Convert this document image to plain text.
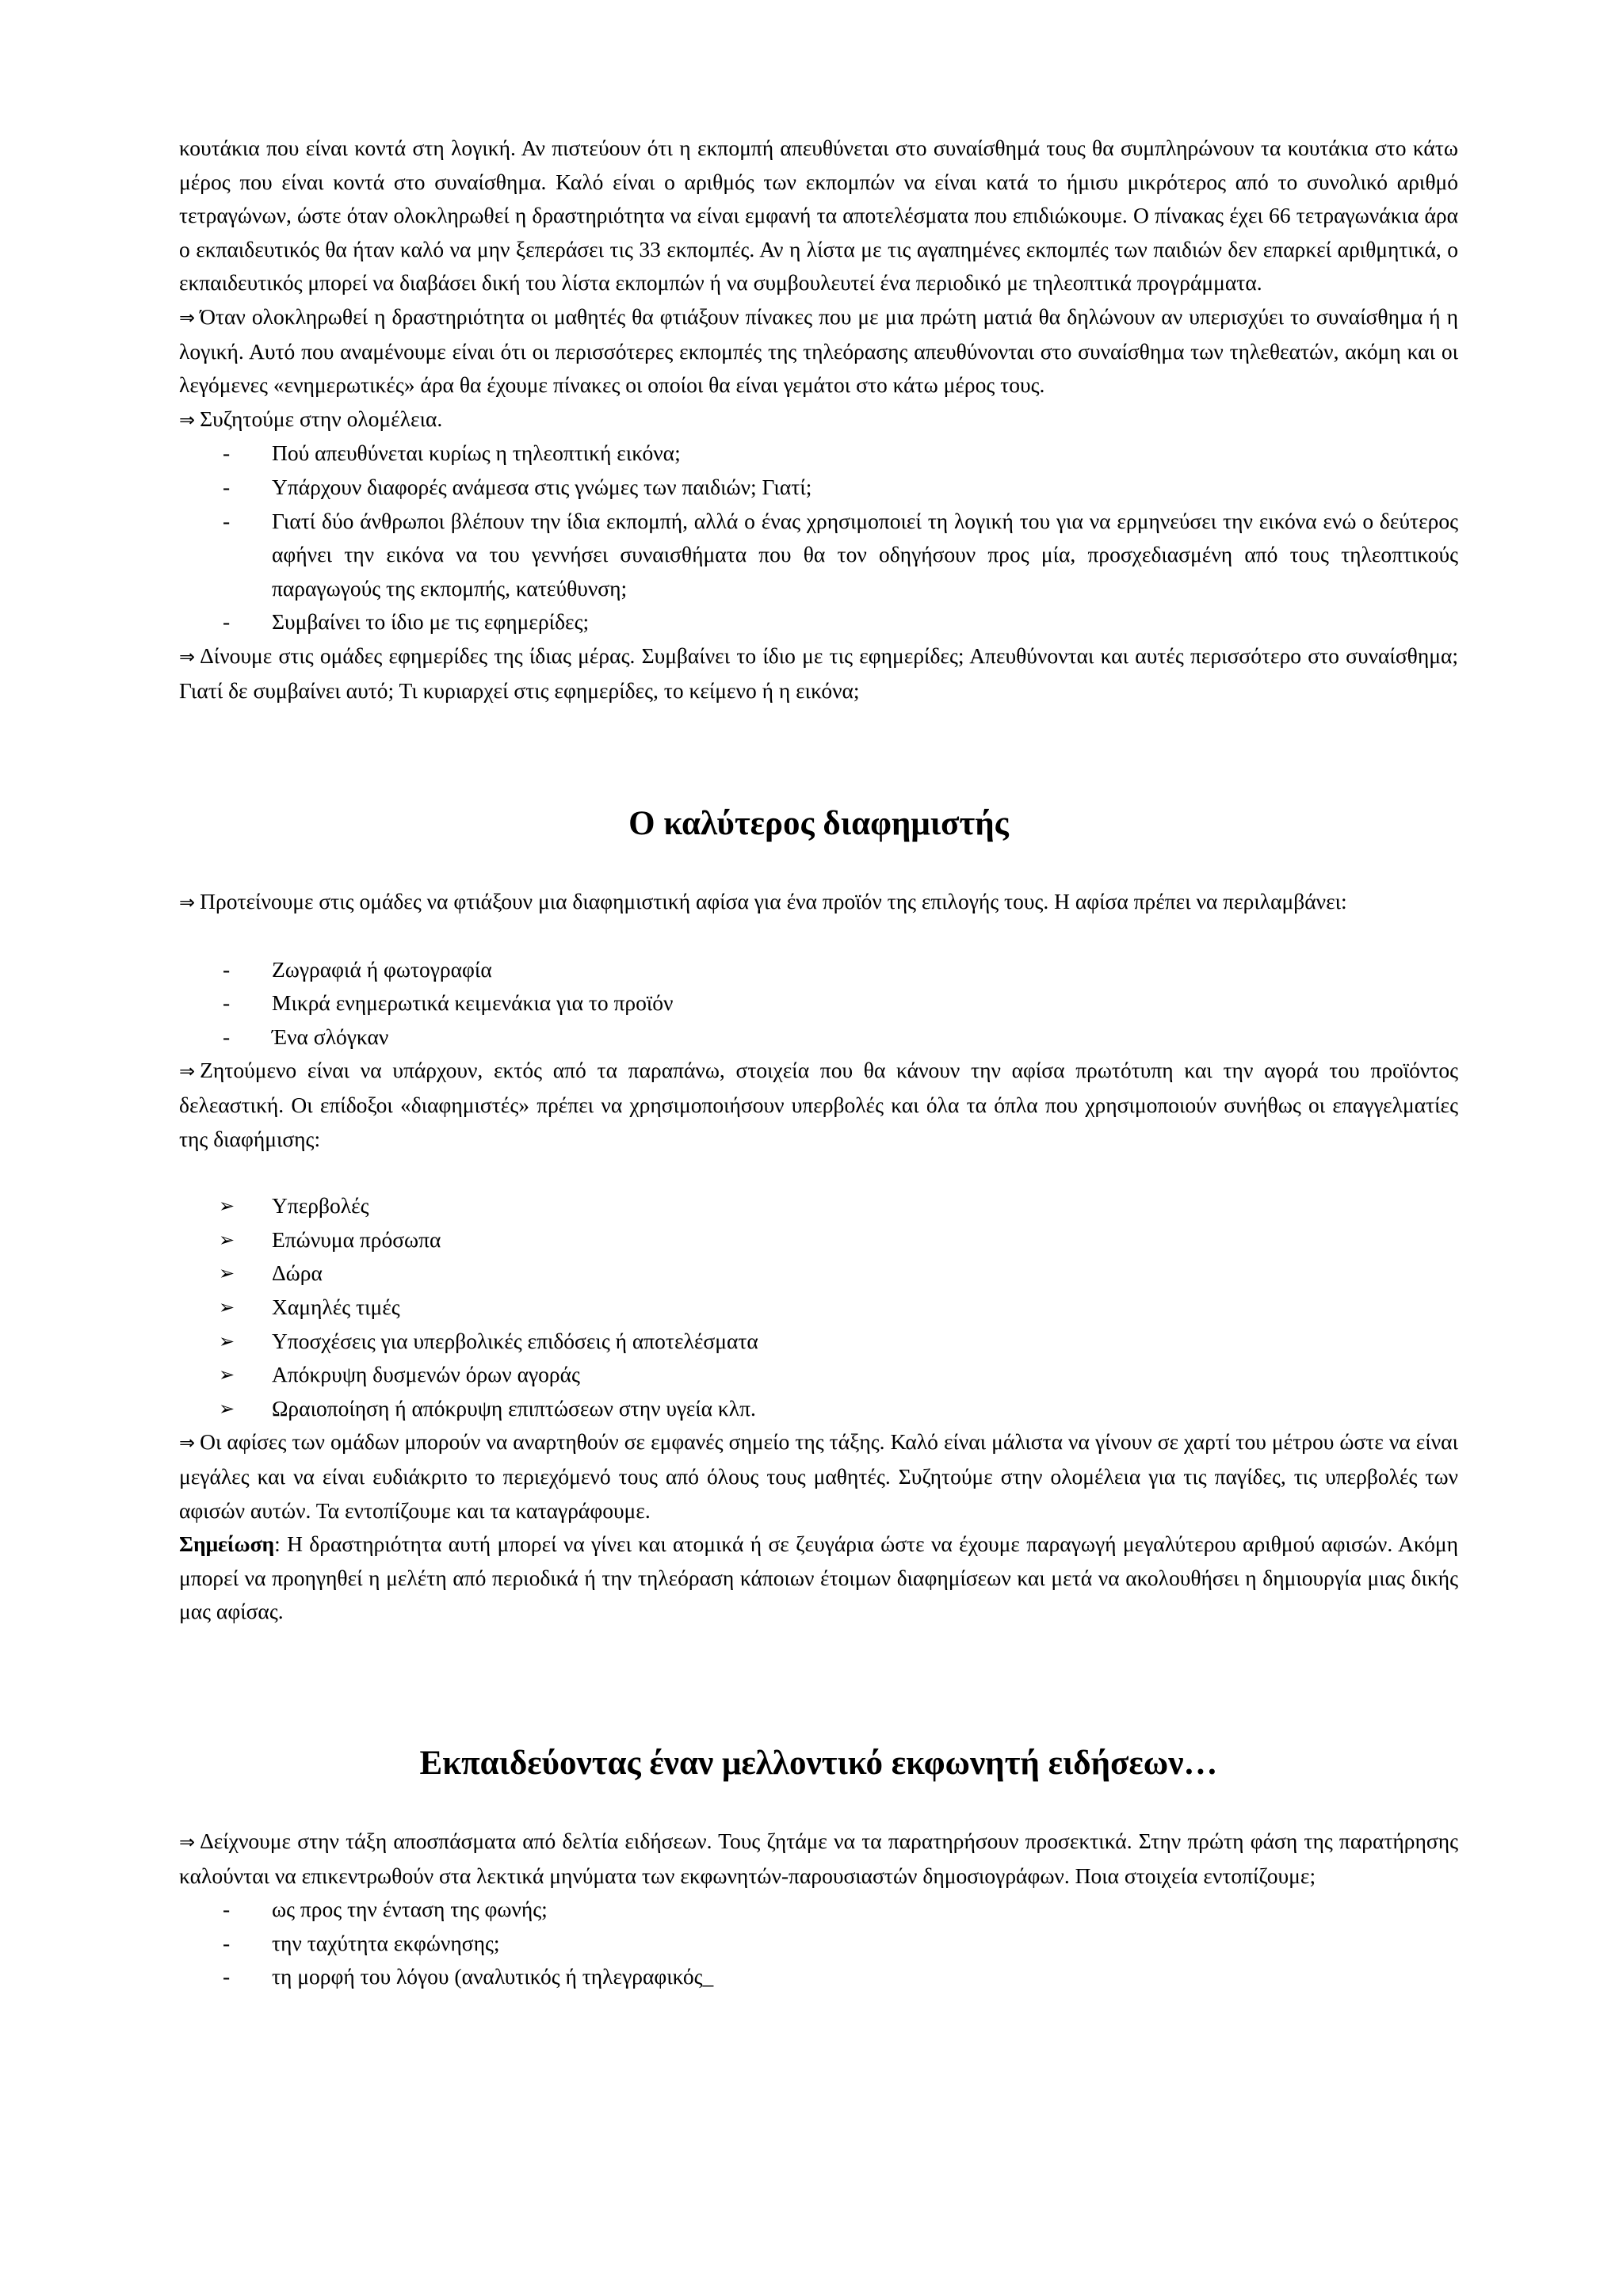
κουτάκια που είναι κοντά στη λογική. Αν πιστεύουν ότι η εκπομπή απευθύνεται στο συναίσθημά τους θα συμπληρώνουν τα κουτάκια στο κάτω μέρος που είναι κοντά στο συναίσθημα. Καλό είναι ο αριθμός των εκπομπών να είναι κατά το ήμισυ μικρότερος από το συνολικό αριθμό τετραγώνων, ώστε όταν ολοκληρωθεί η δραστηριότητα να είναι εμφανή τα αποτελέσματα που επιδιώκουμε. Ο πίνακας έχει 66 τετραγωνάκια άρα ο εκπαιδευτικός θα ήταν καλό να μην ξεπεράσει τις 33 εκπομπές. Αν η λίστα με τις αγαπημένες εκπομπές των παιδιών δεν επαρκεί αριθμητικά, ο εκπαιδευτικός μπορεί να διαβάσει δική του λίστα εκπομπών ή να συμβουλευτεί ένα περιοδικό με τηλεοπτικά προγράμματα.

⇒ Όταν ολοκληρωθεί η δραστηριότητα οι μαθητές θα φτιάξουν πίνακες που με μια πρώτη ματιά θα δηλώνουν αν υπερισχύει το συναίσθημα ή η λογική. Αυτό που αναμένουμε είναι ότι οι περισσότερες εκπομπές της τηλεόρασης απευθύνονται στο συναίσθημα των τηλεθεατών, ακόμη και οι λεγόμενες «ενημερωτικές» άρα θα έχουμε πίνακες οι οποίοι θα είναι γεμάτοι στο κάτω μέρος τους.

⇒ Συζητούμε στην ολομέλεια.

- Πού απευθύνεται κυρίως η τηλεοπτική εικόνα;
- Υπάρχουν διαφορές ανάμεσα στις γνώμες των παιδιών; Γιατί;
- Γιατί δύο άνθρωποι βλέπουν την ίδια εκπομπή, αλλά ο ένας χρησιμοποιεί τη λογική του για να ερμηνεύσει την εικόνα ενώ ο δεύτερος αφήνει την εικόνα να του γεννήσει συναισθήματα που θα τον οδηγήσουν προς μία, προσχεδιασμένη από τους τηλεοπτικούς παραγωγούς της εκπομπής, κατεύθυνση;
- Συμβαίνει το ίδιο με τις εφημερίδες;

⇒ Δίνουμε στις ομάδες εφημερίδες της ίδιας μέρας. Συμβαίνει το ίδιο με τις εφημερίδες; Απευθύνονται και αυτές περισσότερο στο συναίσθημα; Γιατί δε συμβαίνει αυτό; Τι κυριαρχεί στις εφημερίδες, το κείμενο ή η εικόνα;

Ο καλύτερος διαφημιστής

⇒ Προτείνουμε στις ομάδες να φτιάξουν μια διαφημιστική αφίσα για ένα προϊόν της επιλογής τους. Η αφίσα πρέπει να περιλαμβάνει:

- Ζωγραφιά ή φωτογραφία
- Μικρά ενημερωτικά κειμενάκια για το προϊόν
- Ένα σλόγκαν

⇒ Ζητούμενο είναι να υπάρχουν, εκτός από τα παραπάνω, στοιχεία που θα κάνουν την αφίσα πρωτότυπη και την αγορά του προϊόντος δελεαστική. Οι επίδοξοι «διαφημιστές» πρέπει να χρησιμοποιήσουν υπερβολές και όλα τα όπλα που χρησιμοποιούν συνήθως οι επαγγελματίες της διαφήμισης:

➢ Υπερβολές
➢ Επώνυμα πρόσωπα
➢ Δώρα
➢ Χαμηλές τιμές
➢ Υποσχέσεις για υπερβολικές επιδόσεις ή αποτελέσματα
➢ Απόκρυψη δυσμενών όρων αγοράς
➢ Ωραιοποίηση ή απόκρυψη επιπτώσεων στην υγεία κλπ.

⇒ Οι αφίσες των ομάδων μπορούν να αναρτηθούν σε εμφανές σημείο της τάξης. Καλό είναι μάλιστα να γίνουν σε χαρτί του μέτρου ώστε να είναι μεγάλες και να είναι ευδιάκριτο το περιεχόμενό τους από όλους τους μαθητές. Συζητούμε στην ολομέλεια για τις παγίδες, τις υπερβολές των αφισών αυτών. Τα εντοπίζουμε και τα καταγράφουμε.

Σημείωση: Η δραστηριότητα αυτή μπορεί να γίνει και ατομικά ή σε ζευγάρια ώστε να έχουμε παραγωγή μεγαλύτερου αριθμού αφισών. Ακόμη μπορεί να προηγηθεί η μελέτη από περιοδικά ή την τηλεόραση κάποιων έτοιμων διαφημίσεων και μετά να ακολουθήσει η δημιουργία μιας δικής μας αφίσας.

Εκπαιδεύοντας έναν μελλοντικό εκφωνητή ειδήσεων…

⇒ Δείχνουμε στην τάξη αποσπάσματα από δελτία ειδήσεων. Τους ζητάμε να τα παρατηρήσουν προσεκτικά. Στην πρώτη φάση της παρατήρησης καλούνται να επικεντρωθούν στα λεκτικά μηνύματα των εκφωνητών-παρουσιαστών δημοσιογράφων. Ποια στοιχεία εντοπίζουμε;

- ως προς την ένταση της φωνής;
- την ταχύτητα εκφώνησης;
- τη μορφή του λόγου (αναλυτικός ή τηλεγραφικός_
